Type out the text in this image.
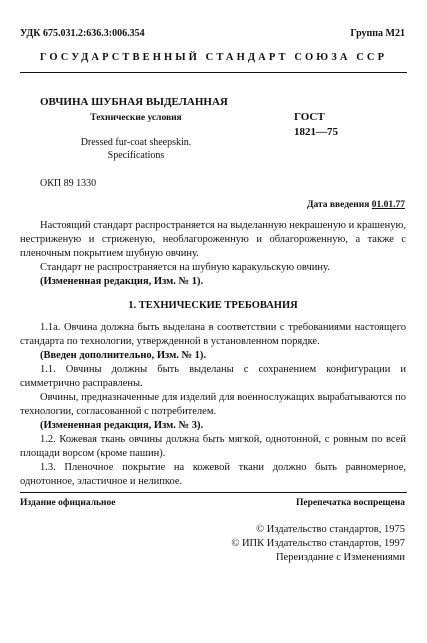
УДК 675.031.2:636.3:006.354	Группа М21
ГОСУДАРСТВЕННЫЙ СТАНДАРТ СОЮЗА ССР
ОВЧИНА ШУБНАЯ ВЫДЕЛАННАЯ
Технические условия	ГОСТ
1821—75
Dressed fur-coat sheepskin.
Specifications
ОКП 89 1330
Дата введения 01.01.77

Настоящий стандарт распространяется на выделанную некрашеную и крашеную, нестриженую и стриженую, необлагороженную и облагороженную, а также с пленочным покрытием шубную овчину.

Стандарт не распространяется на шубную каракульскую овчину.

(Измененная редакция, Изм. № 1).

1. ТЕХНИЧЕСКИЕ ТРЕБОВАНИЯ

1.1а. Овчина должна быть выделана в соответствии с требованиями настоящего стандарта по технологии, утвержденной в установленном порядке.

(Введен дополнительно, Изм. № 1).

1.1. Овчины должны быть выделаны с сохранением конфигурации и симметрично расправлены.

Овчины, предназначенные для изделий для военнослужащих вырабатываются по технологии, согласованной с потребителем.

(Измененная редакция, Изм. № 3).

1.2. Кожевая ткань овчины должна быть мягкой, однотонной, с ровным по всей площади ворсом (кроме пашин).

1.3. Пленочное покрытие на кожевой ткани должно быть равномерное, однотонное, эластичное и нелипкое.

Издание официальное	Перепечатка воспрещена
© Издательство стандартов, 1975
© ИПК Издательство стандартов, 1997
Переиздание с Изменениями
